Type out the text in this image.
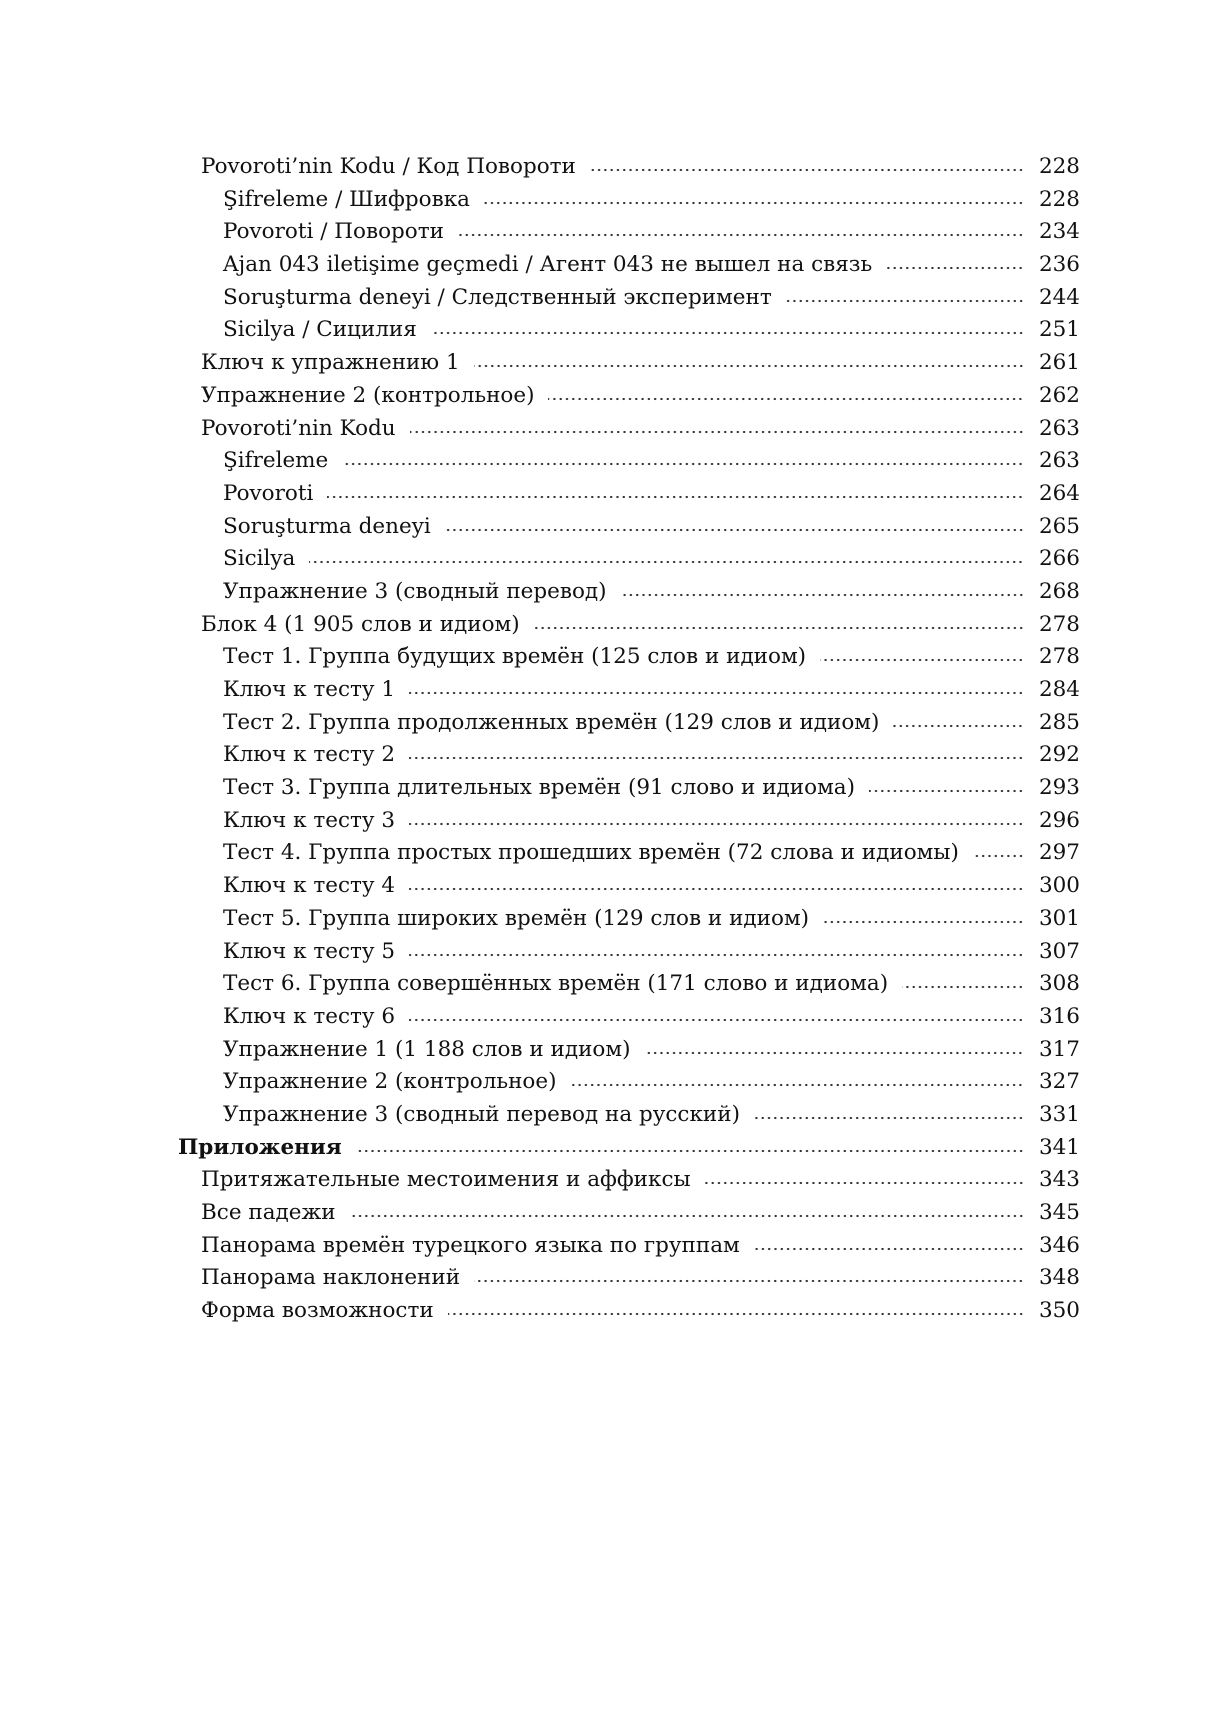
Povoroti’nin Kodu / Код Повороти	228
Şifreleme / Шифровка	228
Povoroti / Повороти	234
Ajan 043 iletişime geçmedi / Агент 043 не вышел на связь	236
Soruşturma deneyi / Следственный эксперимент	244
Sicilya / Сицилия	251
Ключ к упражнению 1	261
Упражнение 2 (контрольное)	262
Povoroti’nin Kodu	263
Şifreleme	263
Povoroti	264
Soruşturma deneyi	265
Sicilya	266
Упражнение 3 (сводный перевод)	268
Блок 4 (1 905 слов и идиом)	278
Тест 1. Группа будущих времён (125 слов и идиом)	278
Ключ к тесту 1	284
Тест 2. Группа продолженных времён (129 слов и идиом)	285
Ключ к тесту 2	292
Тест 3. Группа длительных времён (91 слово и идиома)	293
Ключ к тесту 3	296
Тест 4. Группа простых прошедших времён (72 слова и идиомы)	297
Ключ к тесту 4	300
Тест 5. Группа широких времён (129 слов и идиом)	301
Ключ к тесту 5	307
Тест 6. Группа совершённых времён (171 слово и идиома)	308
Ключ к тесту 6	316
Упражнение 1 (1 188 слов и идиом)	317
Упражнение 2 (контрольное)	327
Упражнение 3 (сводный перевод на русский)	331
Приложения	341
Притяжательные местоимения и аффиксы	343
Все падежи	345
Панорама времён турецкого языка по группам	346
Панорама наклонений	348
Форма возможности	350
